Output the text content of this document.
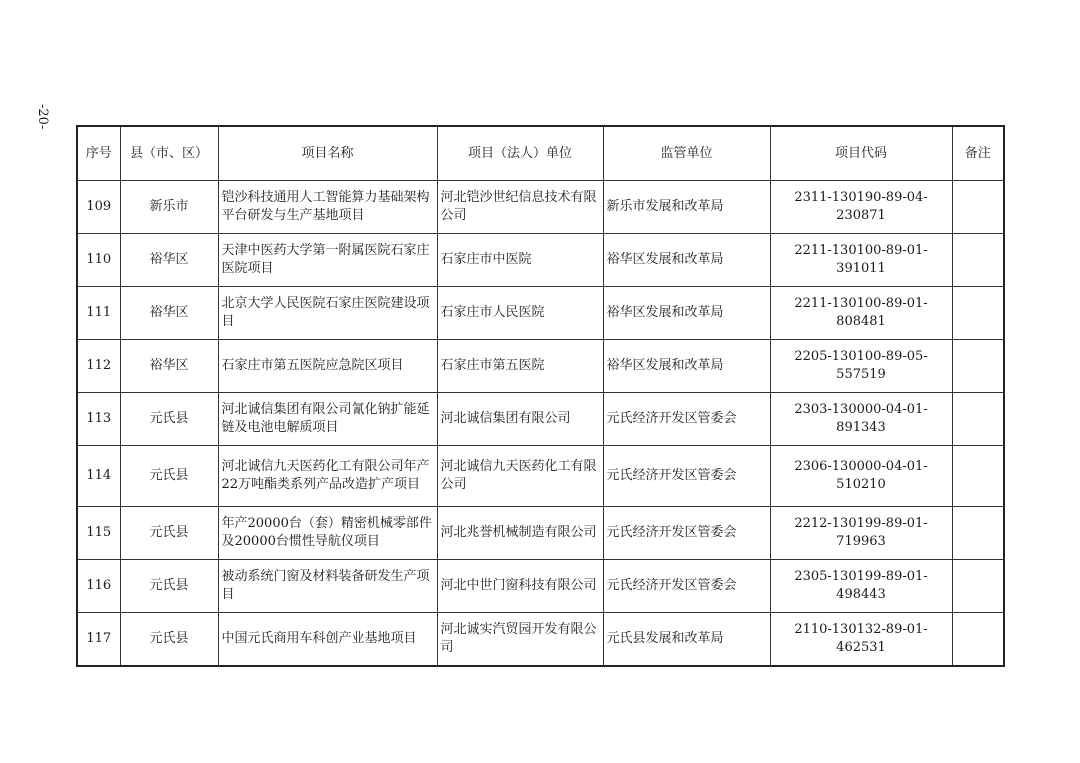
-20-
序号	县（市、区）	项目名称	项目（法人）单位	监管单位	项目代码	备注
109	新乐市	铠沙科技通用人工智能算力基础架构平台研发与生产基地项目	河北铠沙世纪信息技术有限公司	新乐市发展和改革局	2311-130190-89-04-230871	
110	裕华区	天津中医药大学第一附属医院石家庄医院项目	石家庄市中医院	裕华区发展和改革局	2211-130100-89-01-391011	
111	裕华区	北京大学人民医院石家庄医院建设项目	石家庄市人民医院	裕华区发展和改革局	2211-130100-89-01-808481	
112	裕华区	石家庄市第五医院应急院区项目	石家庄市第五医院	裕华区发展和改革局	2205-130100-89-05-557519	
113	元氏县	河北诚信集团有限公司氰化钠扩能延链及电池电解质项目	河北诚信集团有限公司	元氏经济开发区管委会	2303-130000-04-01-891343	
114	元氏县	河北诚信九天医药化工有限公司年产22万吨酯类系列产品改造扩产项目	河北诚信九天医药化工有限公司	元氏经济开发区管委会	2306-130000-04-01-510210	
115	元氏县	年产20000台（套）精密机械零部件及20000台惯性导航仪项目	河北兆誉机械制造有限公司	元氏经济开发区管委会	2212-130199-89-01-719963	
116	元氏县	被动系统门窗及材料装备研发生产项目	河北中世门窗科技有限公司	元氏经济开发区管委会	2305-130199-89-01-498443	
117	元氏县	中国元氏商用车科创产业基地项目	河北诚实汽贸园开发有限公司	元氏县发展和改革局	2110-130132-89-01-462531	
